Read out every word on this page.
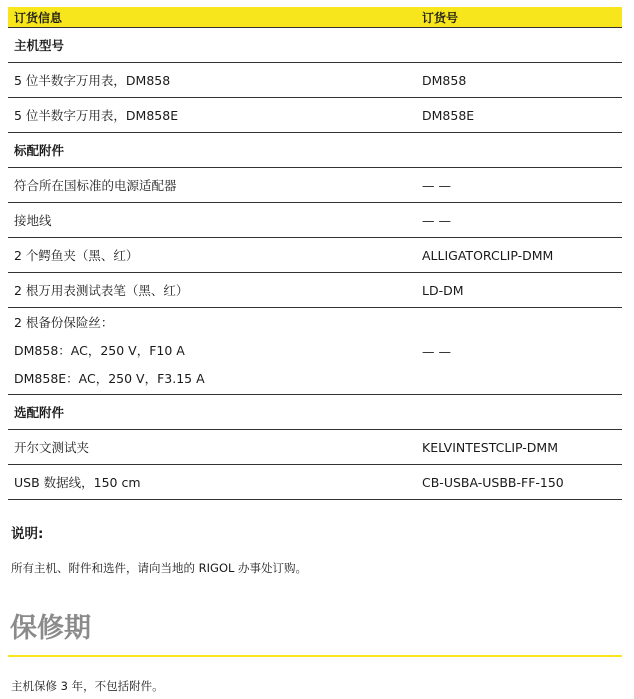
订货信息	订货号
主机型号	
5 位半数字万用表，DM858	DM858
5 位半数字万用表，DM858E	DM858E
标配附件	
符合所在国标准的电源适配器	— —
接地线	— —
2 个鳄鱼夹（黑、红）	ALLIGATORCLIP-DMM
2 根万用表测试表笔（黑、红）	LD-DM

2 根备份保险丝：
DM858：AC，250 V，F10 A
DM858E：AC，250 V，F3.15 A	— —
选配附件	
开尔文测试夹	KELVINTESTCLIP-DMM
USB 数据线，150 cm	CB-USBA-USBB-FF-150
说明:
所有主机、附件和选件，请向当地的 RIGOL 办事处订购。
保修期
主机保修 3 年，不包括附件。
